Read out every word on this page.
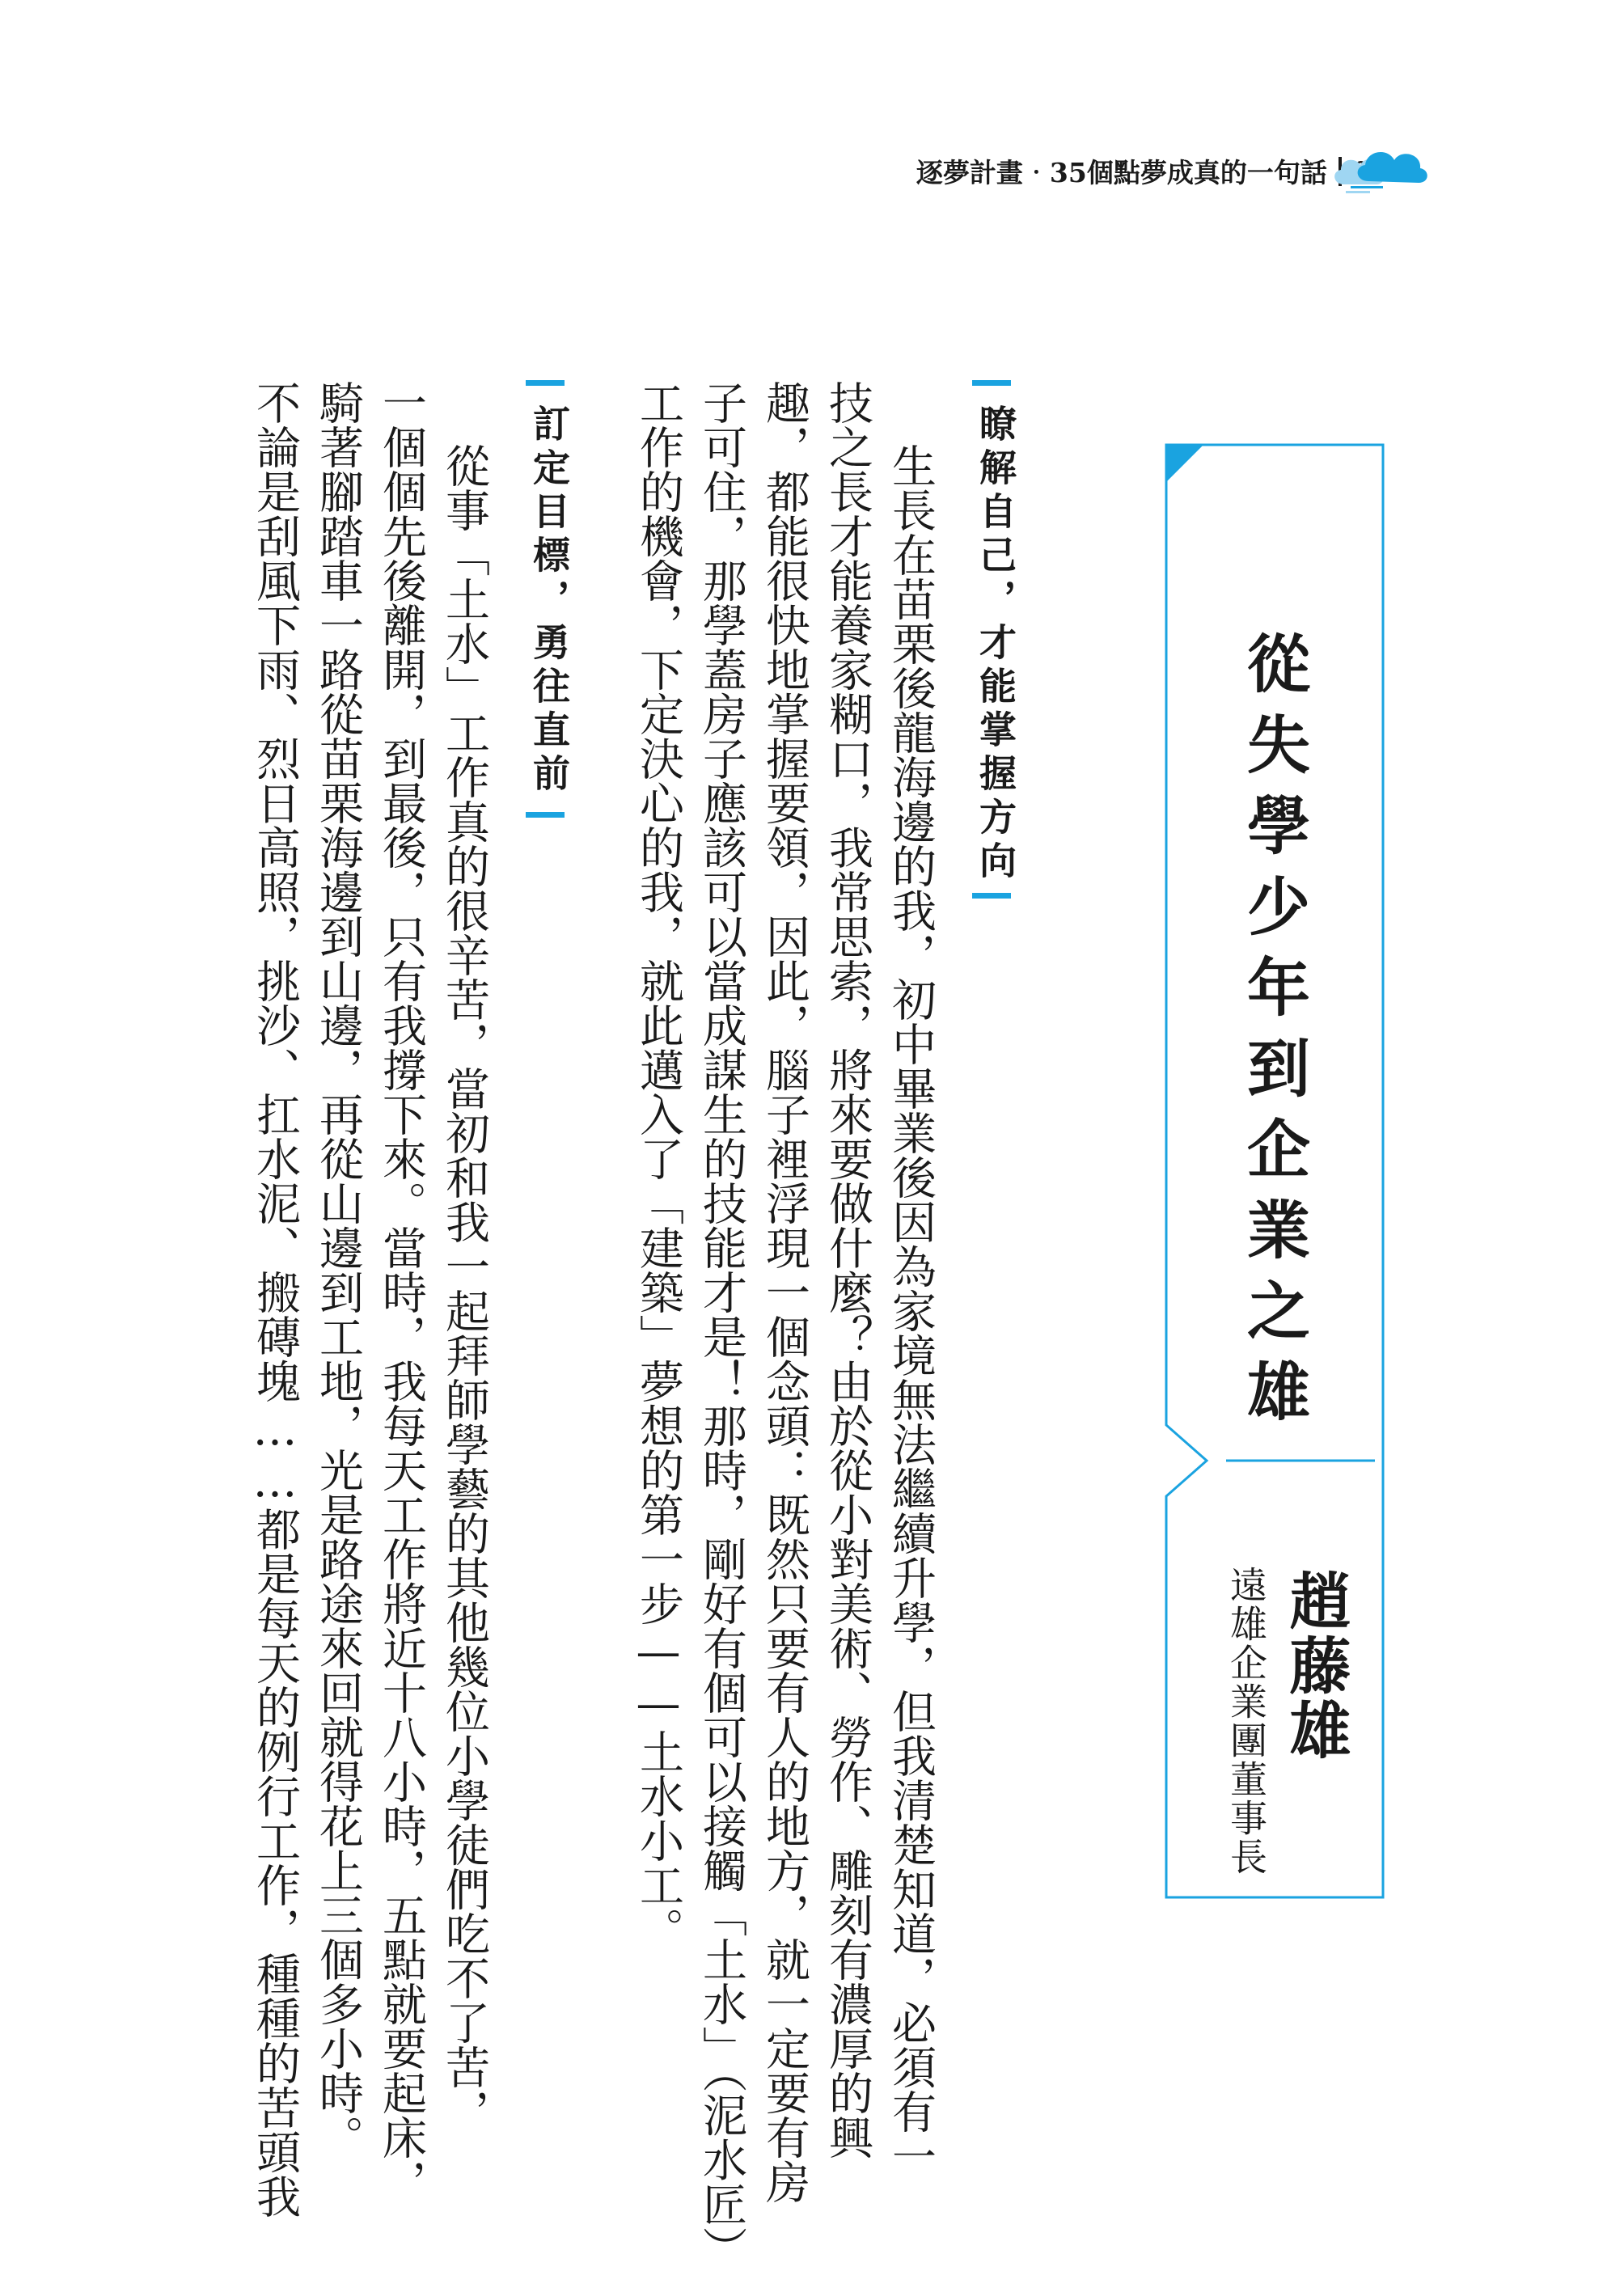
逐夢計畫‧35個點夢成真的一句話
從失學少年到企業之雄
趙藤雄
遠雄企業團董事長
瞭解自己，才能掌握方向
生長在苗栗後龍海邊的我，初中畢業後因為家境無法繼續升學，但我清楚知道，必須有一
技之長才能養家糊口，我常思索，將來要做什麼？由於從小對美術、勞作、雕刻有濃厚的興
趣，都能很快地掌握要領，因此，腦子裡浮現一個念頭：既然只要有人的地方，就一定要有房
子可住，那學蓋房子應該可以當成謀生的技能才是！那時，剛好有個可以接觸「土水」（泥水匠）
工作的機會，下定決心的我，就此邁入了「建築」夢想的第一步——土水小工。
訂定目標，勇往直前
從事「土水」工作真的很辛苦，當初和我一起拜師學藝的其他幾位小學徒們吃不了苦，
一個個先後離開，到最後，只有我撐下來。當時，我每天工作將近十八小時，五點就要起床，
騎著腳踏車一路從苗栗海邊到山邊，再從山邊到工地，光是路途來回就得花上三個多小時。
不論是刮風下雨、烈日高照，挑沙、扛水泥、搬磚塊……都是每天的例行工作，種種的苦頭我
